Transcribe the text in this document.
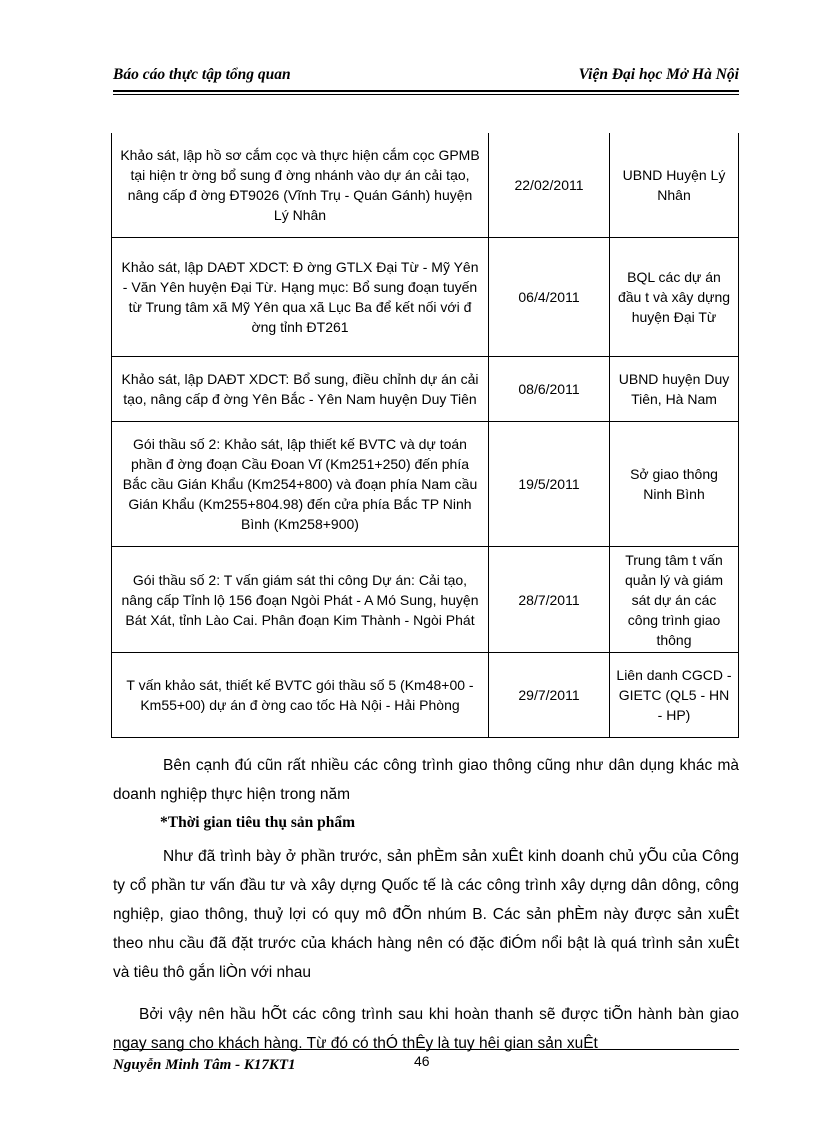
Báo cáo thực tập tổng quan	Viện Đại học Mở Hà Nội
Khảo sát, lập hồ sơ cắm cọc và thực hiện cắm cọc GPMB tại hiện tr ờng bổ sung đ ờng nhánh vào dự án cải tạo, nâng cấp đ ờng ĐT9026 (Vĩnh Trụ - Quán Gánh) huyện Lý Nhân	22/02/2011	UBND Huyện Lý Nhân
Khảo sát, lập DAĐT XDCT: Đ ờng GTLX Đại Từ - Mỹ Yên - Văn Yên huyện Đại Từ. Hạng mục: Bổ sung đoạn tuyến từ Trung tâm xã Mỹ Yên qua xã Lục Ba để kết nối với đ ờng tỉnh ĐT261	06/4/2011	BQL các dự án đầu t và xây dựng huyện Đại Từ
Khảo sát, lập DAĐT XDCT: Bổ sung, điều chỉnh dự án cải tạo, nâng cấp đ ờng Yên Bắc - Yên Nam huyện Duy Tiên	08/6/2011	UBND huyện Duy Tiên, Hà Nam
Gói thầu số 2: Khảo sát, lập thiết kế BVTC và dự toán phần đ ờng đoạn Cầu Đoan Vĩ (Km251+250) đến phía Bắc cầu Gián Khẩu (Km254+800) và đoạn phía Nam cầu Gián Khẩu (Km255+804.98) đến cửa phía Bắc TP Ninh Bình (Km258+900)	19/5/2011	Sở giao thông Ninh Bình
Gói thầu số 2: T vấn giám sát thi công Dự án: Cải tạo, nâng cấp Tỉnh lộ 156 đoạn Ngòi Phát - A Mó Sung, huyện Bát Xát, tỉnh Lào Cai. Phân đoạn Kim Thành - Ngòi Phát	28/7/2011	Trung tâm t vấn quản lý và giám sát dự án các công trình giao thông
T vấn khảo sát, thiết kế BVTC gói thầu số 5 (Km48+00 - Km55+00) dự án đ ờng cao tốc Hà Nội - Hải Phòng	29/7/2011	Liên danh CGCD - GIETC (QL5 - HN - HP)
Bên cạnh đú cũn rất nhiều các công trình giao thông cũng như dân dụng khác mà doanh nghiệp thực hiện trong năm
*Thời gian tiêu thụ sản phẩm
Như đã trình bày ở phần trước, sản phÈm sản xuÊt kinh doanh chủ yÕu của Công ty cổ phần tư vấn đầu tư và xây dựng Quốc tế là các công trình xây dựng dân dông, công nghiệp, giao thông, thuỷ lợi có quy mô đÕn nhúm B. Các sản phÈm này được sản xuÊt theo nhu cầu đã đặt trước của khách hàng nên có đặc điÓm nổi bật là quá trình sản xuÊt và tiêu thô gắn liÒn với nhau
Bởi vậy nên hầu hÕt các công trình sau khi hoàn thanh sẽ được tiÕn hành bàn giao ngay sang cho khách hàng. Từ đó có thÓ thÊy là tuy hêi gian sản xuÊt
Nguyễn Minh Tâm - K17KT1	46
